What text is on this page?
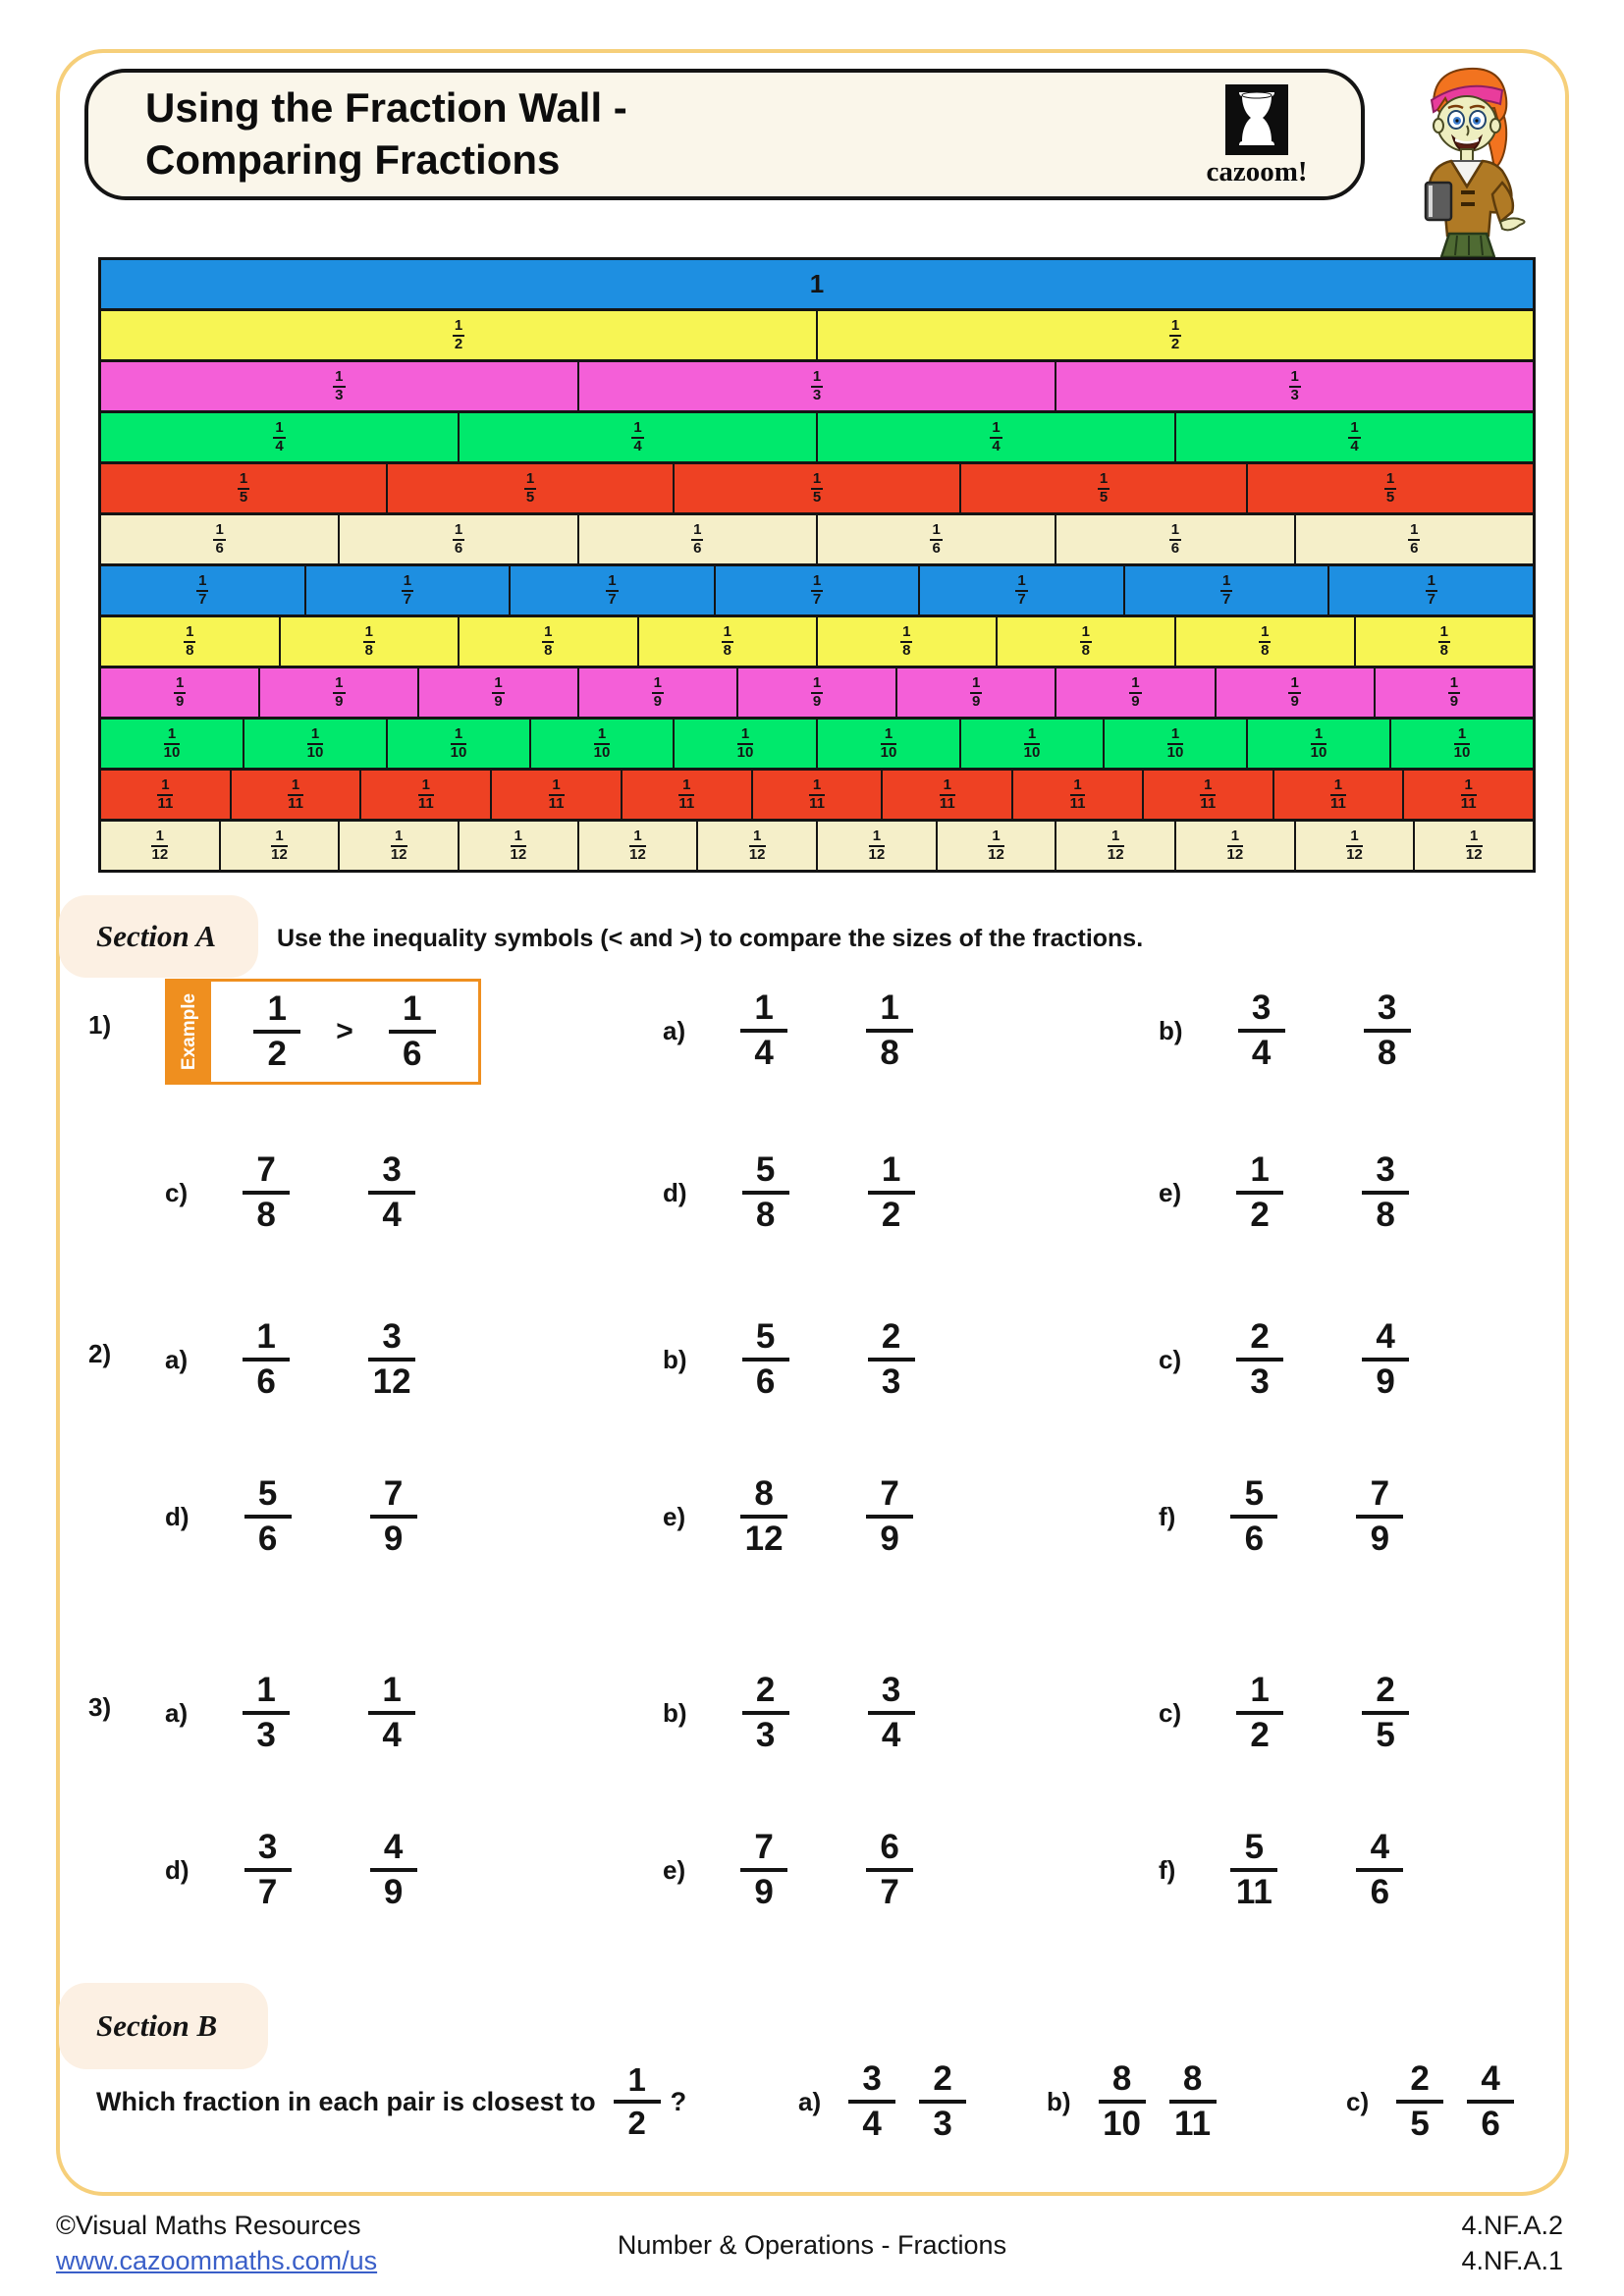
Using the Fraction Wall -
Comparing Fractions	cazoom!
1
$\frac{1}{2}$	$\frac{1}{2}$
$\frac{1}{3}$	$\frac{1}{3}$	$\frac{1}{3}$
$\frac{1}{4}$	$\frac{1}{4}$	$\frac{1}{4}$	$\frac{1}{4}$
$\frac{1}{5}$	$\frac{1}{5}$	$\frac{1}{5}$	$\frac{1}{5}$	$\frac{1}{5}$
$\frac{1}{6}$	$\frac{1}{6}$	$\frac{1}{6}$	$\frac{1}{6}$	$\frac{1}{6}$	$\frac{1}{6}$
$\frac{1}{7}$	$\frac{1}{7}$	$\frac{1}{7}$	$\frac{1}{7}$	$\frac{1}{7}$	$\frac{1}{7}$	$\frac{1}{7}$
$\frac{1}{8}$	$\frac{1}{8}$	$\frac{1}{8}$	$\frac{1}{8}$	$\frac{1}{8}$	$\frac{1}{8}$	$\frac{1}{8}$	$\frac{1}{8}$
$\frac{1}{9}$	$\frac{1}{9}$	$\frac{1}{9}$	$\frac{1}{9}$	$\frac{1}{9}$	$\frac{1}{9}$	$\frac{1}{9}$	$\frac{1}{9}$	$\frac{1}{9}$
$\frac{1}{10}$	$\frac{1}{10}$	$\frac{1}{10}$	$\frac{1}{10}$	$\frac{1}{10}$	$\frac{1}{10}$	$\frac{1}{10}$	$\frac{1}{10}$	$\frac{1}{10}$	$\frac{1}{10}$
$\frac{1}{11}$	$\frac{1}{11}$	$\frac{1}{11}$	$\frac{1}{11}$	$\frac{1}{11}$	$\frac{1}{11}$	$\frac{1}{11}$	$\frac{1}{11}$	$\frac{1}{11}$	$\frac{1}{11}$	$\frac{1}{11}$
$\frac{1}{12}$	$\frac{1}{12}$	$\frac{1}{12}$	$\frac{1}{12}$	$\frac{1}{12}$	$\frac{1}{12}$	$\frac{1}{12}$	$\frac{1}{12}$	$\frac{1}{12}$	$\frac{1}{12}$	$\frac{1}{12}$	$\frac{1}{12}$
Section A	Use the inequality symbols (< and >) to compare the sizes of the fractions.
1)	Example $\frac{1}{2} > \frac{1}{6}$	$a) \frac{1}{4} \frac{1}{8}$	$b) \frac{3}{4} \frac{3}{8}$
$c) \frac{7}{8} \frac{3}{4}$	$d) \frac{5}{8} \frac{1}{2}$	$e) \frac{1}{2} \frac{3}{8}$
2) $a) \frac{1}{6} \frac{3}{12}$	$b) \frac{5}{6} \frac{2}{3}$	$c) \frac{2}{3} \frac{4}{9}$
$d) \frac{5}{6} \frac{7}{9}$	$e) \frac{8}{12} \frac{7}{9}$	$f) \frac{5}{6} \frac{7}{9}$
3) $a) \frac{1}{3} \frac{1}{4}$	$b) \frac{2}{3} \frac{3}{4}$	$c) \frac{1}{2} \frac{2}{5}$
$d) \frac{3}{7} \frac{4}{9}$	$e) \frac{7}{9} \frac{6}{7}$	$f) \frac{5}{11} \frac{4}{6}$
Section B
Which fraction in each pair is closest to $\frac{1}{2}$ ?	$a) \frac{3}{4} \frac{2}{3}$	$b) \frac{8}{10} \frac{8}{11}$	$c) \frac{2}{5} \frac{4}{6}$
©Visual Maths Resources
www.cazoommaths.com/us
Number & Operations - Fractions
4.NF.A.2
4.NF.A.1
